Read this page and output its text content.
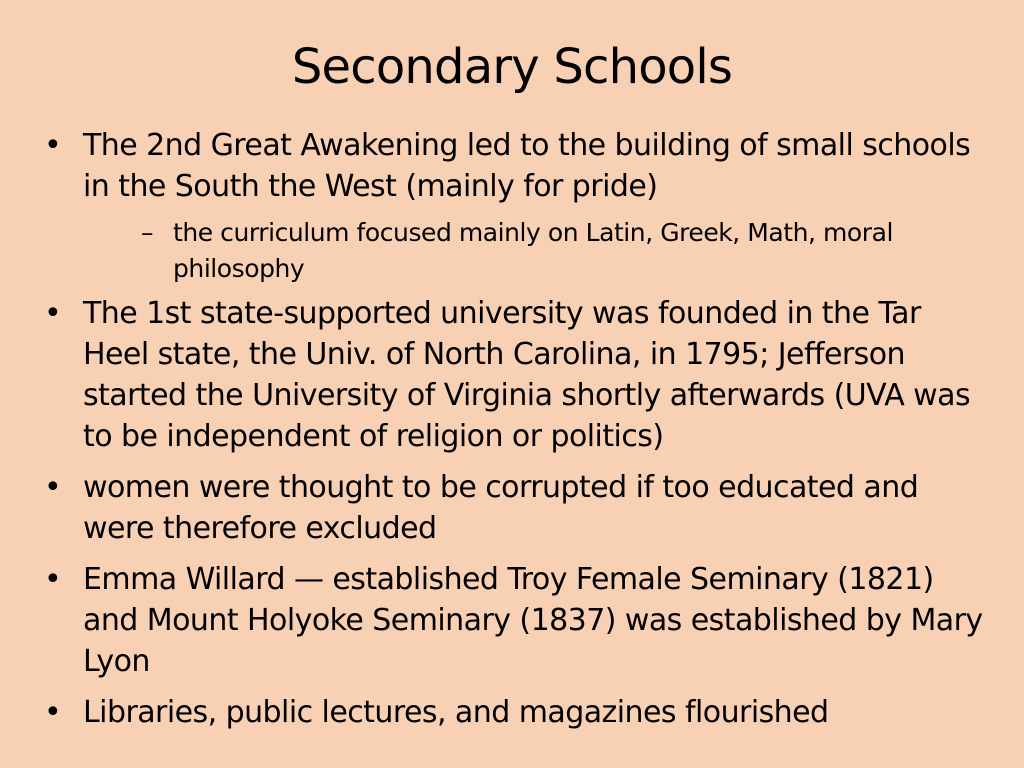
Secondary Schools
• The 2nd Great Awakening led to the building of small schools in the South the West (mainly for pride)
– the curriculum focused mainly on Latin, Greek, Math, moral philosophy
• The 1st state-supported university was founded in the Tar Heel state, the Univ. of North Carolina, in 1795; Jefferson started the University of Virginia shortly afterwards (UVA was to be independent of religion or politics)
• women were thought to be corrupted if too educated and were therefore excluded
• Emma Willard — established Troy Female Seminary (1821) and Mount Holyoke Seminary (1837) was established by Mary Lyon
• Libraries, public lectures, and magazines flourished
